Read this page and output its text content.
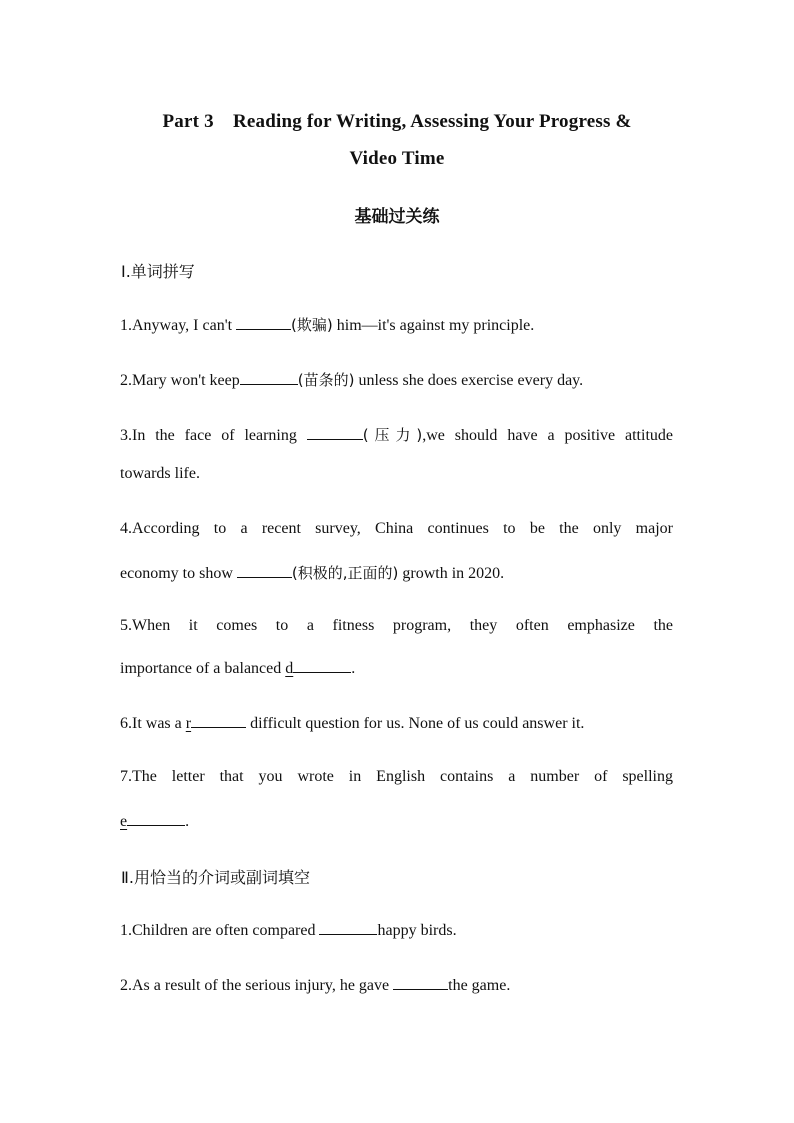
Part 3　Reading for Writing, Assessing Your Progress &
Video Time
基础过关练
Ⅰ.单词拼写
1.Anyway, I can't	(欺骗) him—it's against my principle.
2.Mary won't keep	(苗条的) unless she does exercise every day.
3.In the face of learning	(压力),we should have a positive attitude
towards life.
4.According to a recent survey, China continues to be the only major
economy to show	(积极的,正面的) growth in 2020.
5.When it comes to a fitness program, they often emphasize the
importance of a balanced d	.
6.It was a r	difficult question for us. None of us could answer it.
7.The letter that you wrote in English contains a number of spelling
e	.
Ⅱ.用恰当的介词或副词填空
1.Children are often compared	happy birds.
2.As a result of the serious injury, he gave	the game.
